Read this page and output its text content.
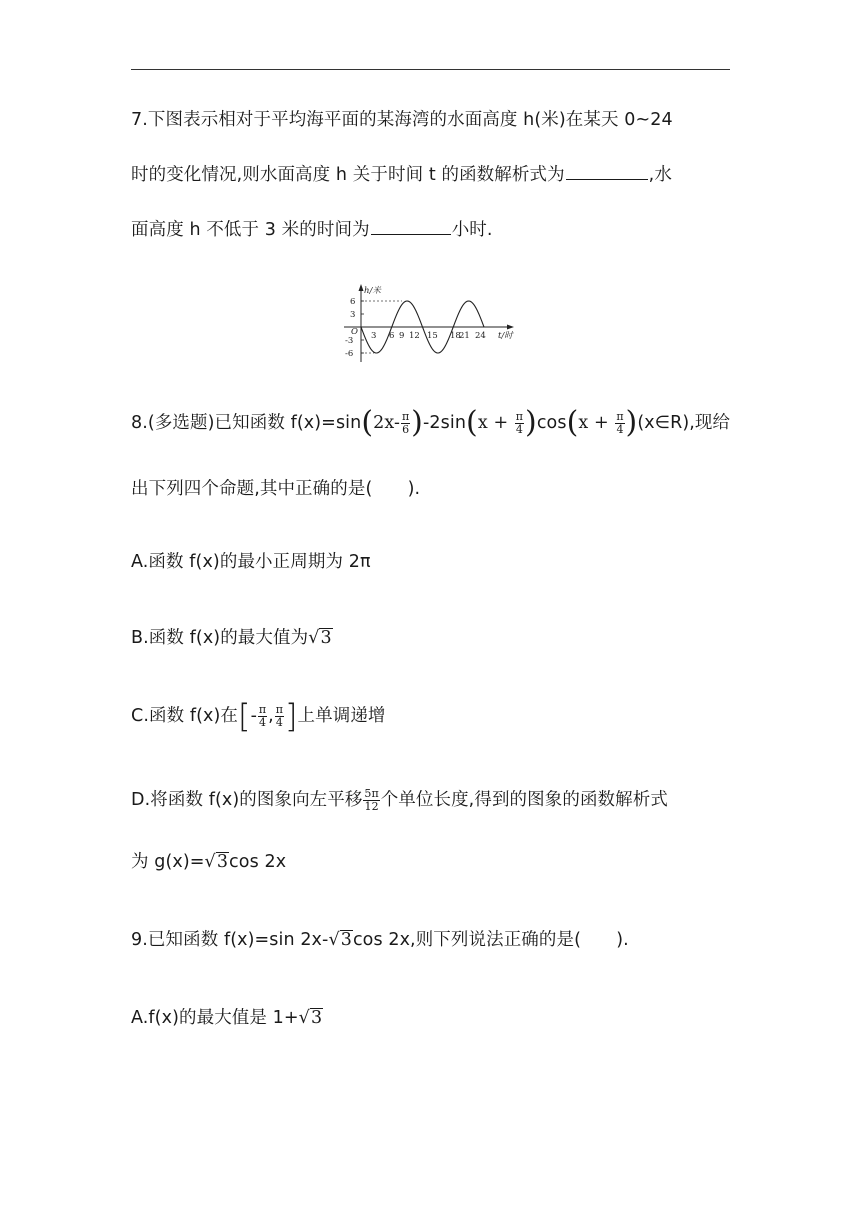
7.下图表示相对于平均海平面的某海湾的水面高度 h(米)在某天 0~24
时的变化情况,则水面高度 h 关于时间 t 的函数解析式为	,水
面高度 h 不低于 3 米的时间为	小时.
h/米
t/时
O
6
3
-3
-6
3 6 9 12 15 18
21 24
8.(多选题)已知函数 $f(x)=\sin(2x- \frac{\pi}{6} )-2\sin(x + \frac{\pi}{4} )\cos(x + \frac{\pi}{4}$ )(x∈R),现给
出下列四个命题,其中正确的是(　　).
A.函数 f(x)的最小正周期为 2π
B.函数 f(x)的最大值为 √ 3
C.函数 f(x)在[- $\frac{\pi}{4}$ , $\frac{\pi}{4}$ ]上单调递增
D.将函数 f(x)的图象向左平移 $\frac{5\pi}{12}$ 个单位长度,得到的图象的函数解析式
为 g(x)= √ 3 cos 2x
9.已知函数 f(x)=sin 2x- √ 3 cos 2x,则下列说法正确的是(　　).
A.f(x)的最大值是 1+ √ 3
